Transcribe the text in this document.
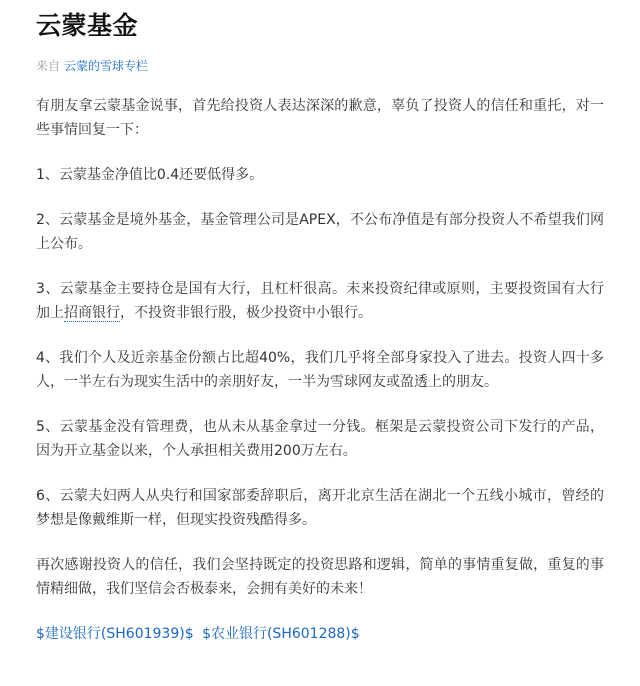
云蒙基金
来自 云蒙的雪球专栏

有朋友拿云蒙基金说事，首先给投资人表达深深的歉意，辜负了投资人的信任和重托，对一些事情回复一下：

1、云蒙基金净值比0.4还要低得多。

2、云蒙基金是境外基金，基金管理公司是APEX，不公布净值是有部分投资人不希望我们网上公布。

3、云蒙基金主要持仓是国有大行，且杠杆很高。未来投资纪律或原则，主要投资国有大行加上招商银行，不投资非银行股，极少投资中小银行。

4、我们个人及近亲基金份额占比超40%，我们几乎将全部身家投入了进去。投资人四十多人，一半左右为现实生活中的亲朋好友，一半为雪球网友或盈透上的朋友。

5、云蒙基金没有管理费，也从未从基金拿过一分钱。框架是云蒙投资公司下发行的产品，因为开立基金以来，个人承担相关费用200万左右。

6、云蒙夫妇两人从央行和国家部委辞职后，离开北京生活在湖北一个五线小城市，曾经的梦想是像戴维斯一样，但现实投资残酷得多。

再次感谢投资人的信任，我们会坚持既定的投资思路和逻辑，简单的事情重复做，重复的事情精细做，我们坚信会否极泰来，会拥有美好的未来！

$建设银行(SH601939)$ $农业银行(SH601288)$
